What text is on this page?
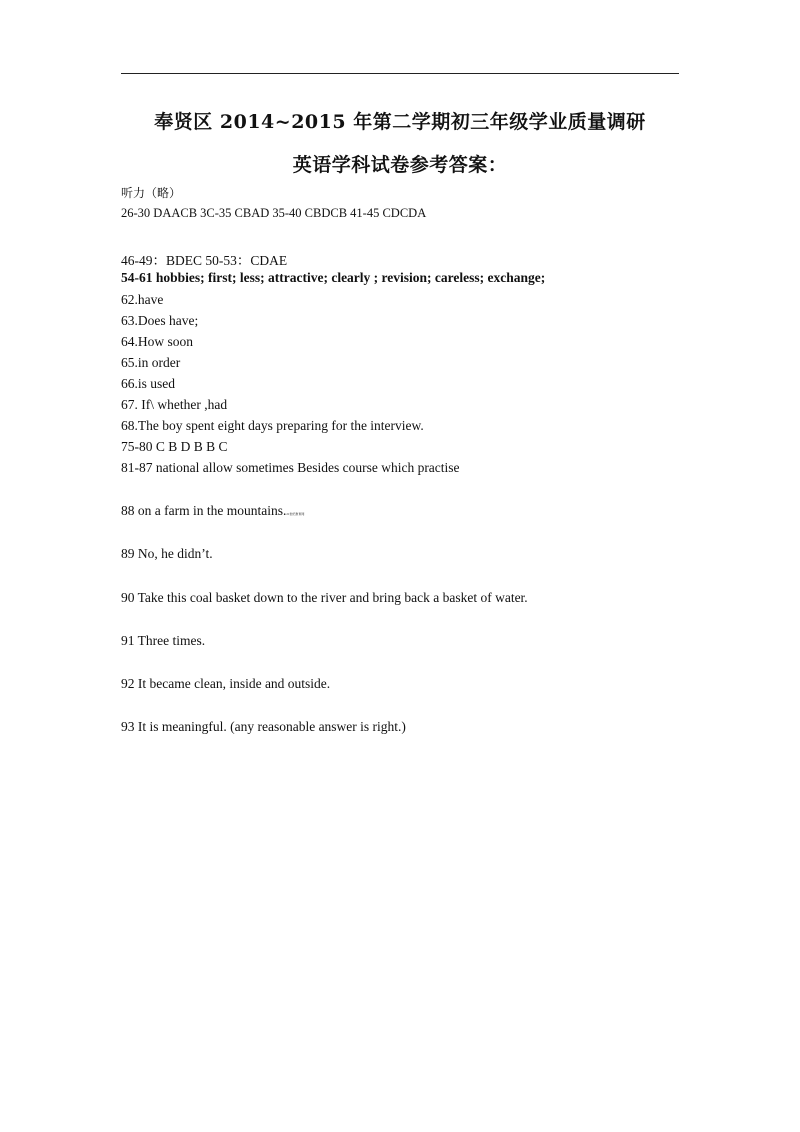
奉贤区 2014~2015 年第二学期初三年级学业质量调研
英语学科试卷参考答案：
听力（略）
26-30 DAACB 3C-35 CBAD 35-40 CBDCB 41-45 CDCDA
46-49：BDEC 50-53：CDAE
54-61 hobbies; first; less; attractive; clearly ; revision; careless; exchange;
62.have
63.Does have;
64.How soon
65.in order
66.is used
67. If\ whether ,had
68.The boy spent eight days preparing for the interview.
75-80 C B D B B C
81-87 national allow sometimes Besides course which practise
88 on a farm in the mountains.21世纪教育网
89 No, he didn’t.
90 Take this coal basket down to the river and bring back a basket of water.
91 Three times.
92 It became clean, inside and outside.
93 It is meaningful. (any reasonable answer is right.)
